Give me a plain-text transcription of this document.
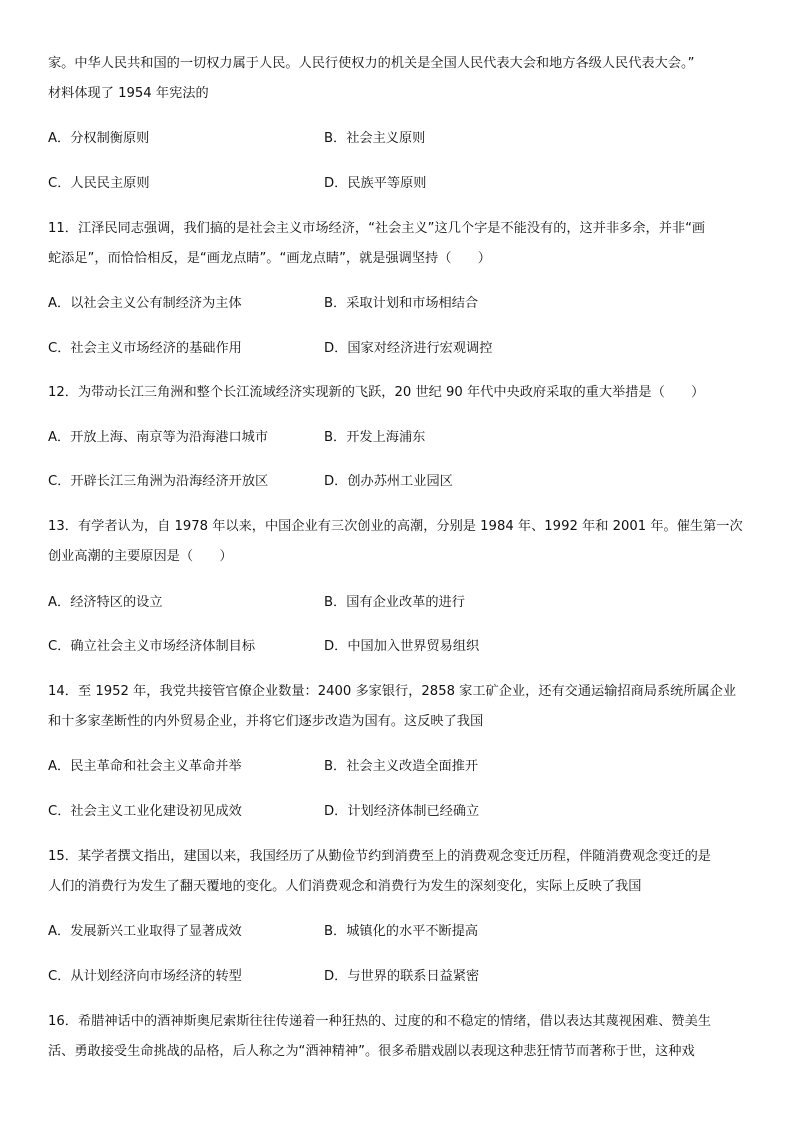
家。中华人民共和国的一切权力属于人民。人民行使权力的机关是全国人民代表大会和地方各级人民代表大会。”
材料体现了 1954 年宪法的
A．分权制衡原则	B．社会主义原则
C．人民民主原则	D．民族平等原则
11．江泽民同志强调，我们搞的是社会主义市场经济，“社会主义”这几个字是不能没有的，这并非多余，并非“画
蛇添足”，而恰恰相反，是“画龙点睛”。“画龙点睛”，就是强调坚持（　　）
A．以社会主义公有制经济为主体	B．采取计划和市场相结合
C．社会主义市场经济的基础作用	D．国家对经济进行宏观调控
12．为带动长江三角洲和整个长江流域经济实现新的飞跃，20 世纪 90 年代中央政府采取的重大举措是（　　）
A．开放上海、南京等为沿海港口城市	B．开发上海浦东
C．开辟长江三角洲为沿海经济开放区	D．创办苏州工业园区
13．有学者认为，自 1978 年以来，中国企业有三次创业的高潮，分别是 1984 年、1992 年和 2001 年。催生第一次
创业高潮的主要原因是（　　）
A．经济特区的设立	B．国有企业改革的进行
C．确立社会主义市场经济体制目标	D．中国加入世界贸易组织
14．至 1952 年，我党共接管官僚企业数量：2400 多家银行，2858 家工矿企业，还有交通运输招商局系统所属企业
和十多家垄断性的内外贸易企业，并将它们逐步改造为国有。这反映了我国
A．民主革命和社会主义革命并举	B．社会主义改造全面推开
C．社会主义工业化建设初见成效	D．计划经济体制已经确立
15．某学者撰文指出，建国以来，我国经历了从勤俭节约到消费至上的消费观念变迁历程，伴随消费观念变迁的是
人们的消费行为发生了翻天覆地的变化。人们消费观念和消费行为发生的深刻变化，实际上反映了我国
A．发展新兴工业取得了显著成效	B．城镇化的水平不断提高
C．从计划经济向市场经济的转型	D．与世界的联系日益紧密
16．希腊神话中的酒神斯奥尼索斯往往传递着一种狂热的、过度的和不稳定的情绪，借以表达其蔑视困难、赞美生
活、勇敢接受生命挑战的品格，后人称之为“酒神精神”。很多希腊戏剧以表现这种悲狂情节而著称于世，这种戏
